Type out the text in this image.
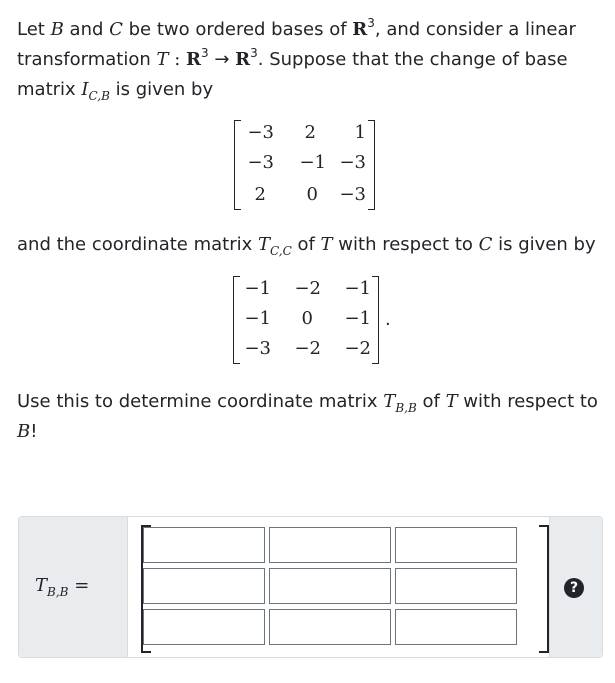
Let B and C be two ordered bases of $R^3$, and consider a linear
transformation T : $R^3 \to R^3$. Suppose that the change of base
matrix $I_{C,B}$ is given by
−3	2	1
−3	−1 −3
2	0	−3
and the coordinate matrix $T_{C,C}$ of T with respect to C is given by
−1	−2	−1
−1	0	−1
−3	−2	−2
.
Use this to determine coordinate matrix $T_{B,B}$ of T with respect to
B!
$T_{B,B}$ =	?
